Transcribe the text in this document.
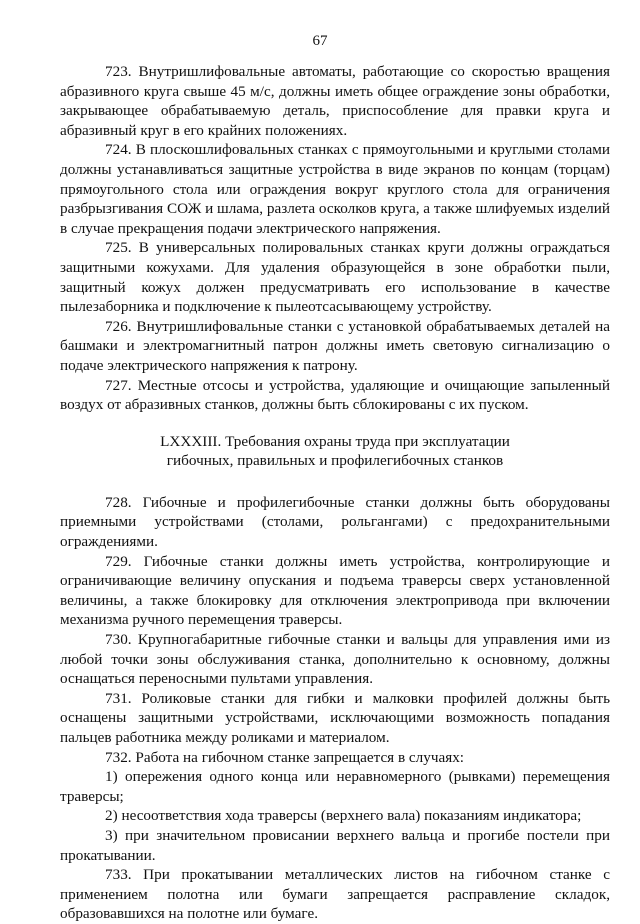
67

723. Внутришлифовальные автоматы, работающие со скоростью вращения абразивного круга свыше 45 м/с, должны иметь общее ограждение зоны обработки, закрывающее обрабатываемую деталь, приспособление для правки круга и абразивный круг в его крайних положениях.

724. В плоскошлифовальных станках с прямоугольными и круглыми столами должны устанавливаться защитные устройства в виде экранов по концам (торцам) прямоугольного стола или ограждения вокруг круглого стола для ограничения разбрызгивания СОЖ и шлама, разлета осколков круга, а также шлифуемых изделий в случае прекращения подачи электрического напряжения.

725. В универсальных полировальных станках круги должны ограждаться защитными кожухами. Для удаления образующейся в зоне обработки пыли, защитный кожух должен предусматривать его использование в качестве пылезаборника и подключение к пылеотсасывающему устройству.

726. Внутришлифовальные станки с установкой обрабатываемых деталей на башмаки и электромагнитный патрон должны иметь световую сигнализацию о подаче электрического напряжения к патрону.

727. Местные отсосы и устройства, удаляющие и очищающие запыленный воздух от абразивных станков, должны быть сблокированы с их пуском.

LXXXIII. Требования охраны труда при эксплуатации
гибочных, правильных и профилегибочных станков

728. Гибочные и профилегибочные станки должны быть оборудованы приемными устройствами (столами, рольгангами) с предохранительными ограждениями.

729. Гибочные станки должны иметь устройства, контролирующие и ограничивающие величину опускания и подъема траверсы сверх установленной величины, а также блокировку для отключения электропривода при включении механизма ручного перемещения траверсы.

730. Крупногабаритные гибочные станки и вальцы для управления ими из любой точки зоны обслуживания станка, дополнительно к основному, должны оснащаться переносными пультами управления.

731. Роликовые станки для гибки и малковки профилей должны быть оснащены защитными устройствами, исключающими возможность попадания пальцев работника между роликами и материалом.

732. Работа на гибочном станке запрещается в случаях:

1) опережения одного конца или неравномерного (рывками) перемещения траверсы;

2) несоответствия хода траверсы (верхнего вала) показаниям индикатора;

3) при значительном провисании верхнего вальца и прогибе постели при прокатывании.

733. При прокатывании металлических листов на гибочном станке с применением полотна или бумаги запрещается расправление складок, образовавшихся на полотне или бумаге.
